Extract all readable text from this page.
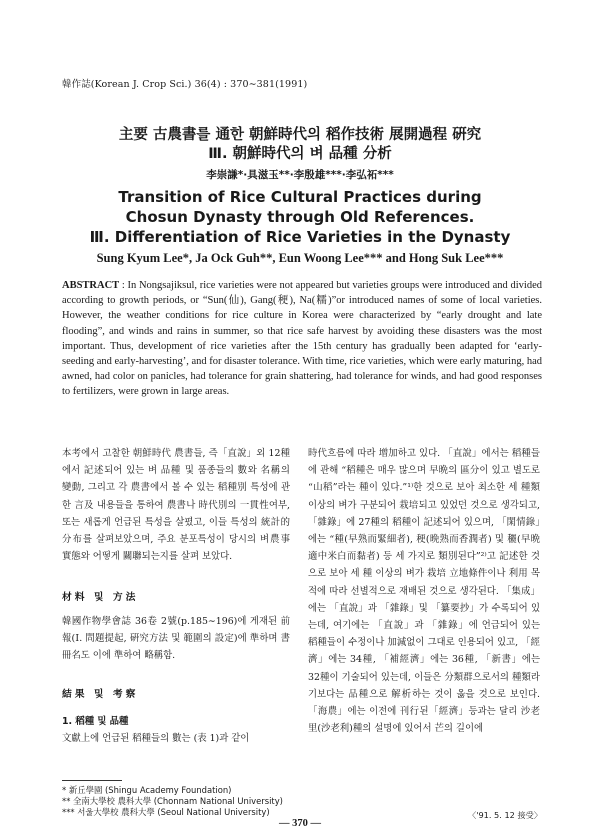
韓作誌(Korean J. Crop Sci.) 36(4) : 370∼381(1991)
主要 古農書를 通한 朝鮮時代의 稻作技術 展開過程 硏究
Ⅲ. 朝鮮時代의 벼 品種 分析
李崇謙*·具滋玉**·李殷雄***·李弘祏***
Transition of Rice Cultural Practices during
Chosun Dynasty through Old References.
Ⅲ. Differentiation of Rice Varieties in the Dynasty
Sung Kyum Lee*, Ja Ock Guh**, Eun Woong Lee*** and Hong Suk Lee***
ABSTRACT : In Nongsajiksul, rice varieties were not appeared but varieties groups were introduced and divided according to growth periods, or “Sun(仙), Gang(稉), Na(糯)”or introduced names of some of local varieties. However, the weather conditions for rice culture in Korea were characterized by “early drought and late flooding”, and winds and rains in summer, so that rice safe harvest by avoiding these disasters was the most important. Thus, development of rice varieties after the 15th century has gradually been adapted for ‘early-seeding and early-harvesting’, and for disaster tolerance. With time, rice varieties, which were early maturing, had awned, had color on panicles, had tolerance for grain shattering, had tolerance for winds, and had good responses to fertilizers, were grown in large areas.

本考에서 고찰한 朝鮮時代 農書들, 즉「直說」외 12種에서 記述되어 있는 벼 品種 및 품종들의 數와 名稱의 變動, 그리고 각 農書에서 볼 수 있는 稻種別 특성에 관한 言及 내용들을 통하여 農書나 時代別의 一貫性여부, 또는 새롭게 언급된 특성을 살폈고, 이들 특성의 統計的 分布를 살펴보았으며, 주요 분포특성이 당시의 벼農事 實態와 어떻게 關聯되는지를 살펴 보았다.

材料 및 方法

韓國作物學會誌 36卷 2號(p.185∼196)에 게재된 前報(Ⅰ. 問題提起, 硏究方法 및 範圍의 設定)에 準하며 書冊名도 이에 準하여 略稱함.

結果 및 考察

1. 稻種 및 品種

文獻上에 언급된 稻種들의 數는 (表 1)과 같이

時代흐름에 따라 增加하고 있다. 「直說」에서는 稻種들에 관해 “稻種은 매우 많으며 早晩의 區分이 있고 별도로 “山稻”라는 種이 있다.”¹⁾한 것으로 보아 최소한 세 種類 이상의 벼가 구분되어 栽培되고 있었던 것으로 생각되고, 「雜錄」에 27種의 稻種이 記述되어 있으며, 「閑情錄」에는 “種(早熟而緊細者), 稉(晩熟而香潤者) 및 穲(早晩適中米白而黏者) 등 세 가지로 類別된다”²⁾고 記述한 것으로 보아 세 種 이상의 벼가 栽培 立地條件이나 利用 목적에 따라 선별적으로 재배된 것으로 생각된다. 「集成」에는 「直說」과 「雜錄」및 「纂要抄」가 수록되어 있는데, 여기에는 「直說」과 「雜錄」에 언급되어 있는 稻種들이 수정이나 加減없이 그대로 인용되어 있고, 「經濟」에는 34種, 「補經濟」에는 36種, 「新書」에는 32種이 기술되어 있는데, 이들은 分類群으로서의 種類라기보다는 品種으로 解析하는 것이 옳을 것으로 보인다. 「海農」에는 이전에 刊行된「經濟」등과는 달리 沙老里(沙老利)種의 설명에 있어서 芒의 길이에

* 新丘學園 (Shingu Academy Foundation)
** 全南大學校 農科大學 (Chonnam National University)
*** 서울大學校 農科大學 (Seoul National University)	〈'91. 5. 12 接受〉
— 370 —
